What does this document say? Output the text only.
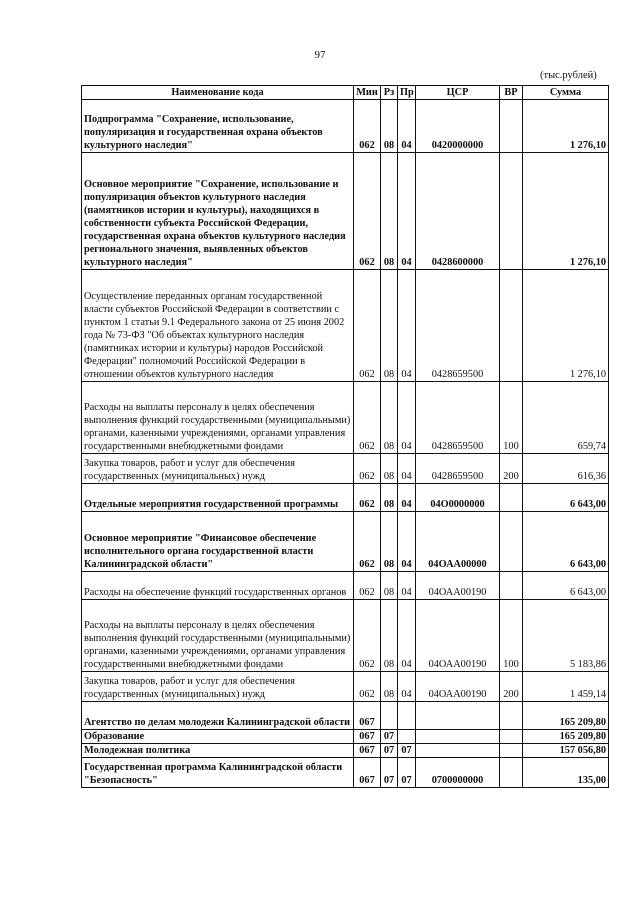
97
(тыс.рублей)
Наименование кода	Мин	Рз	Пр	ЦСР	ВР	Сумма
Подпрограмма "Сохранение, использование, популяризация и государственная охрана объектов культурного наследия"	062	08	04	0420000000		1 276,10
Основное мероприятие "Сохранение, использование и популяризация объектов культурного наследия (памятников истории и культуры), находящихся в собственности субъекта Российской Федерации, государственная охрана объектов культурного наследия регионального значения, выявленных объектов культурного наследия"	062	08	04	0428600000		1 276,10
Осуществление переданных органам государственной власти субъектов Российской Федерации в соответствии с пунктом 1 статьи 9.1 Федерального закона от 25 июня 2002 года № 73-ФЗ "Об объектах культурного наследия (памятниках истории и культуры) народов Российской Федерации" полномочий Российской Федерации в отношении объектов культурного наследия	062	08	04	0428659500		1 276,10
Расходы на выплаты персоналу в целях обеспечения выполнения функций государственными (муниципальными) органами, казенными учреждениями, органами управления государственными внебюджетными фондами	062	08	04	0428659500	100	659,74
Закупка товаров, работ и услуг для обеспечения государственных (муниципальных) нужд	062	08	04	0428659500	200	616,36
Отдельные мероприятия государственной программы	062	08	04	04О0000000		6 643,00
Основное мероприятие "Финансовое обеспечение исполнительного органа государственной власти Калининградской области"	062	08	04	04ОАА00000		6 643,00
Расходы на обеспечение функций государственных органов	062	08	04	04ОАА00190		6 643,00
Расходы на выплаты персоналу в целях обеспечения выполнения функций государственными (муниципальными) органами, казенными учреждениями, органами управления государственными внебюджетными фондами	062	08	04	04ОАА00190	100	5 183,86
Закупка товаров, работ и услуг для обеспечения государственных (муниципальных) нужд	062	08	04	04ОАА00190	200	1 459,14
Агентство по делам молодежи Калининградской области	067					165 209,80
Образование	067	07				165 209,80
Молодежная политика	067	07	07			157 056,80
Государственная программа Калининградской области "Безопасность"	067	07	07	0700000000		135,00
